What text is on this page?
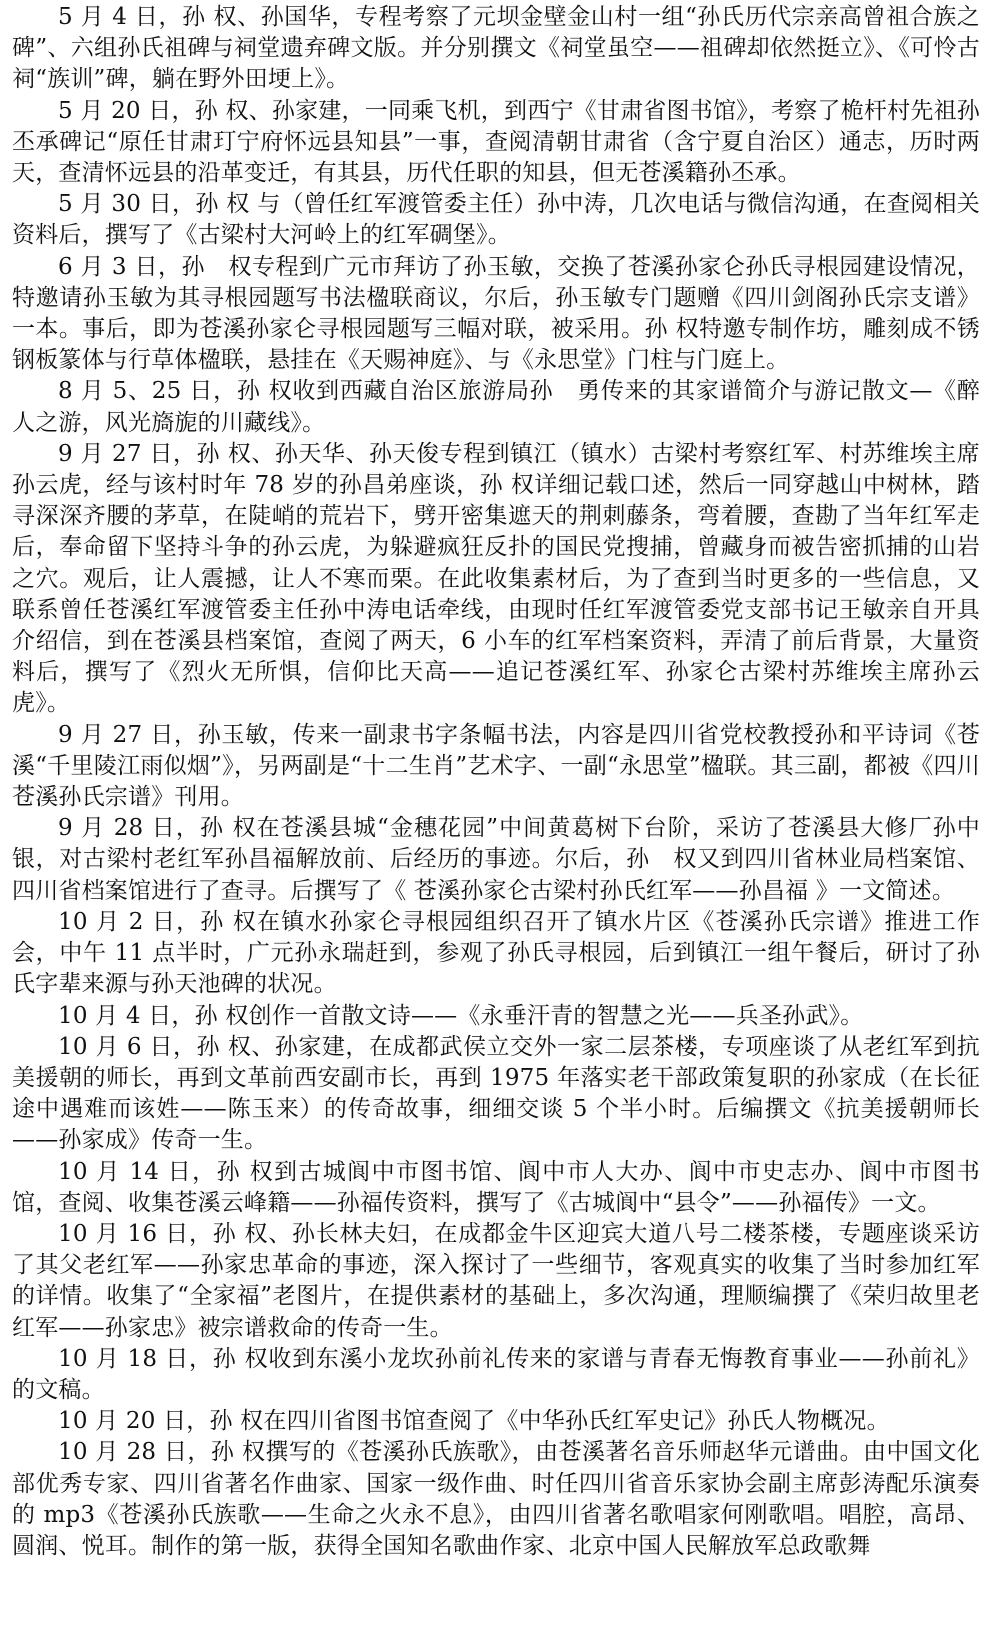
5 月 4 日，孙 权、孙国华，专程考察了元坝金壁金山村一组“孙氏历代宗亲高曾祖合族之碑”、六组孙氏祖碑与祠堂遗弃碑文版。并分别撰文《祠堂虽空——祖碑却依然挺立》、《可怜古祠“族训”碑，躺在野外田埂上》。

5 月 20 日，孙 权、孙家建，一同乘飞机，到西宁《甘肃省图书馆》，考察了桅杆村先祖孙丕承碑记“原任甘肃玎宁府怀远县知县”一事，查阅清朝甘肃省（含宁夏自治区）通志，历时两天，查清怀远县的沿革变迁，有其县，历代任职的知县，但无苍溪籍孙丕承。

5 月 30 日，孙 权 与（曾任红军渡管委主任）孙中涛，几次电话与微信沟通，在查阅相关资料后，撰写了《古梁村大河岭上的红军碉堡》。

6 月 3 日，孙　权专程到广元市拜访了孙玉敏，交换了苍溪孙家仑孙氏寻根园建设情况，特邀请孙玉敏为其寻根园题写书法楹联商议，尔后，孙玉敏专门题赠《四川剑阁孙氏宗支谱》一本。事后，即为苍溪孙家仑寻根园题写三幅对联，被采用。孙 权特邀专制作坊，雕刻成不锈钢板篆体与行草体楹联，悬挂在《天赐神庭》、与《永思堂》门柱与门庭上。

8 月 5、25 日，孙 权收到西藏自治区旅游局孙　勇传来的其家谱简介与游记散文—《醉人之游，风光旖旎的川藏线》。

9 月 27 日，孙 权、孙天华、孙天俊专程到镇江（镇水）古梁村考察红军、村苏维埃主席孙云虎，经与该村时年 78 岁的孙昌弟座谈，孙 权详细记载口述，然后一同穿越山中树林，踏寻深深齐腰的茅草，在陡峭的荒岩下，劈开密集遮天的荆刺藤条，弯着腰，查勘了当年红军走后，奉命留下坚持斗争的孙云虎，为躲避疯狂反扑的国民党搜捕，曾藏身而被告密抓捕的山岩之穴。观后，让人震撼，让人不寒而栗。在此收集素材后，为了查到当时更多的一些信息，又联系曾任苍溪红军渡管委主任孙中涛电话牵线，由现时任红军渡管委党支部书记王敏亲自开具介绍信，到在苍溪县档案馆，查阅了两天，6 小车的红军档案资料，弄清了前后背景，大量资料后，撰写了《烈火无所惧，信仰比天高——追记苍溪红军、孙家仑古梁村苏维埃主席孙云虎》。

9 月 27 日，孙玉敏，传来一副隶书字条幅书法，内容是四川省党校教授孙和平诗词《苍溪“千里陵江雨似烟”》，另两副是“十二生肖”艺术字、一副“永思堂”楹联。其三副，都被《四川苍溪孙氏宗谱》刊用。

9 月 28 日，孙 权在苍溪县城“金穗花园”中间黄葛树下台阶，采访了苍溪县大修厂孙中银，对古梁村老红军孙昌福解放前、后经历的事迹。尔后，孙　权又到四川省林业局档案馆、四川省档案馆进行了查寻。后撰写了《 苍溪孙家仑古梁村孙氏红军——孙昌福 》一文简述。

10 月 2 日，孙 权在镇水孙家仑寻根园组织召开了镇水片区《苍溪孙氏宗谱》推进工作会，中午 11 点半时，广元孙永瑞赶到，参观了孙氏寻根园，后到镇江一组午餐后，研讨了孙氏字辈来源与孙天池碑的状况。

10 月 4 日，孙 权创作一首散文诗——《永垂汗青的智慧之光——兵圣孙武》。

10 月 6 日，孙 权、孙家建，在成都武侯立交外一家二层茶楼，专项座谈了从老红军到抗美援朝的师长，再到文革前西安副市长，再到 1975 年落实老干部政策复职的孙家成（在长征途中遇难而该姓——陈玉来）的传奇故事，细细交谈 5 个半小时。后编撰文《抗美援朝师长——孙家成》传奇一生。

10 月 14 日，孙 权到古城阆中市图书馆、阆中市人大办、阆中市史志办、阆中市图书馆，查阅、收集苍溪云峰籍——孙福传资料，撰写了《古城阆中“县令”——孙福传》一文。

10 月 16 日，孙 权、孙长林夫妇，在成都金牛区迎宾大道八号二楼茶楼，专题座谈采访了其父老红军——孙家忠革命的事迹，深入探讨了一些细节，客观真实的收集了当时参加红军的详情。收集了“全家福”老图片，在提供素材的基础上，多次沟通，理顺编撰了《荣归故里老红军——孙家忠》被宗谱救命的传奇一生。

10 月 18 日，孙 权收到东溪小龙坎孙前礼传来的家谱与青春无悔教育事业——孙前礼》的文稿。

10 月 20 日，孙 权在四川省图书馆查阅了《中华孙氏红军史记》孙氏人物概况。

10 月 28 日，孙 权撰写的《苍溪孙氏族歌》，由苍溪著名音乐师赵华元谱曲。由中国文化部优秀专家、四川省著名作曲家、国家一级作曲、时任四川省音乐家协会副主席彭涛配乐演奏的 mp3《苍溪孙氏族歌——生命之火永不息》，由四川省著名歌唱家何刚歌唱。唱腔，高昂、圆润、悦耳。制作的第一版，获得全国知名歌曲作家、北京中国人民解放军总政歌舞
